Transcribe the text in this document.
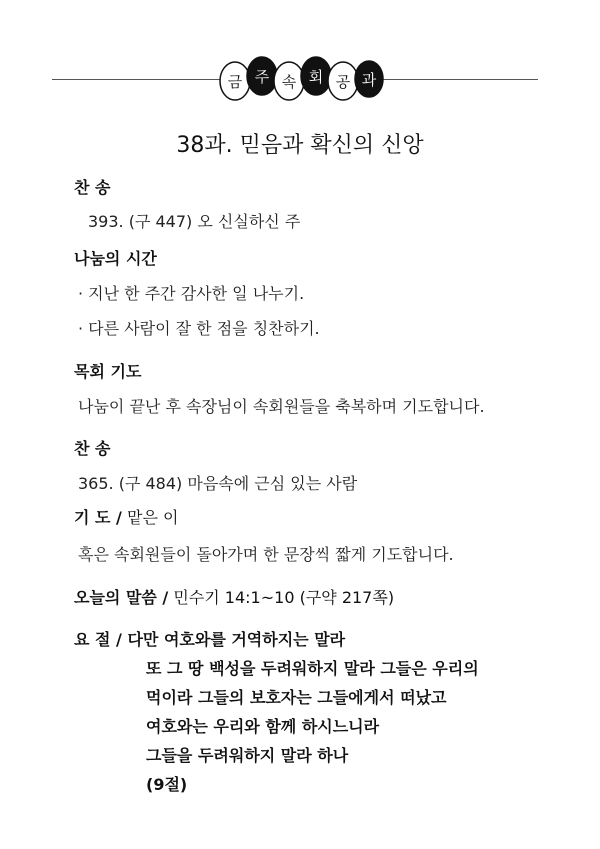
금 주 속 회 공 과
38과. 믿음과 확신의 신앙
찬 송
393. (구 447) 오 신실하신 주
나눔의 시간
· 지난 한 주간 감사한 일 나누기.
· 다른 사람이 잘 한 점을 칭찬하기.
목회 기도
나눔이 끝난 후 속장님이 속회원들을 축복하며 기도합니다.
찬 송
365. (구 484) 마음속에 근심 있는 사람
기 도 / 맡은 이
혹은 속회원들이 돌아가며 한 문장씩 짧게 기도합니다.
오늘의 말씀 / 민수기 14:1~10 (구약 217쪽)
요 절 / 다만 여호와를 거역하지는 말라
또 그 땅 백성을 두려워하지 말라 그들은 우리의
먹이라 그들의 보호자는 그들에게서 떠났고
여호와는 우리와 함께 하시느니라
그들을 두려워하지 말라 하나
(9절)
